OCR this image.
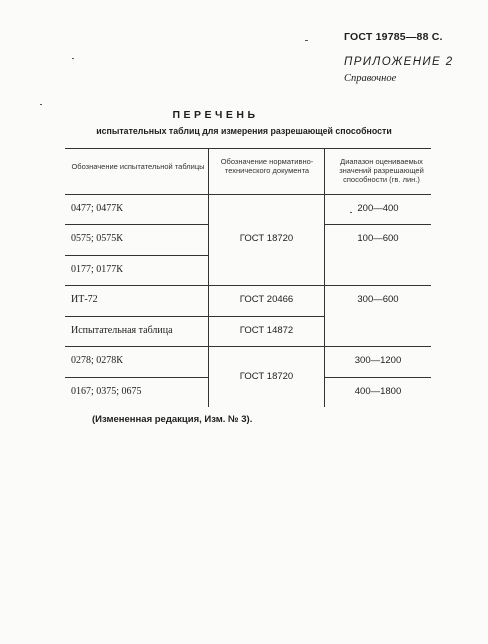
ГОСТ 19785—88 С.
ПРИЛОЖЕНИЕ 2
Справочное
ПЕРЕЧЕНЬ
испытательных таблиц для измерения разрешающей способности
Обозначение испытательной таблицы
Обозначение нормативно-технического документа
Диапазон оцениваемых значений разрешающей способности (гв. лин.)
0477; 0477К
0575; 0575К
0177; 0177К
ИТ-72
Испытательная таблица
0278; 0278К
0167; 0375; 0675
ГОСТ 18720
ГОСТ 20466
ГОСТ 14872
ГОСТ 18720
200—400
100—600
300—600
300—1200
400—1800
(Измененная редакция, Изм. № 3).
